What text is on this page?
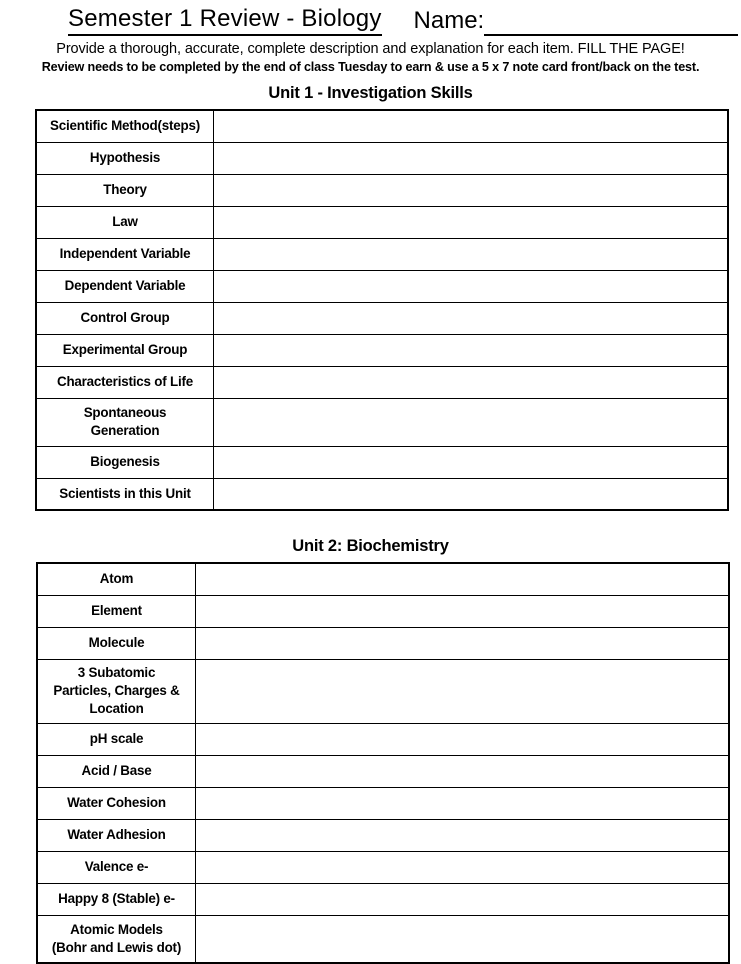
Semester 1 Review - Biology Name:
Provide a thorough, accurate, complete description and explanation for each item. FILL THE PAGE!
Review needs to be completed by the end of class Tuesday to earn & use a 5 x 7 note card front/back on the test.
Unit 1 - Investigation Skills
Scientific Method(steps)	
Hypothesis	
Theory	
Law	
Independent Variable	
Dependent Variable	
Control Group	
Experimental Group	
Characteristics of Life	
Spontaneous
Generation	
Biogenesis	
Scientists in this Unit	
Unit 2: Biochemistry
Atom	
Element	
Molecule	
3 Subatomic
Particles, Charges &
Location	
pH scale	
Acid / Base	
Water Cohesion	
Water Adhesion	
Valence e-	
Happy 8 (Stable) e-	
Atomic Models
(Bohr and Lewis dot)	
